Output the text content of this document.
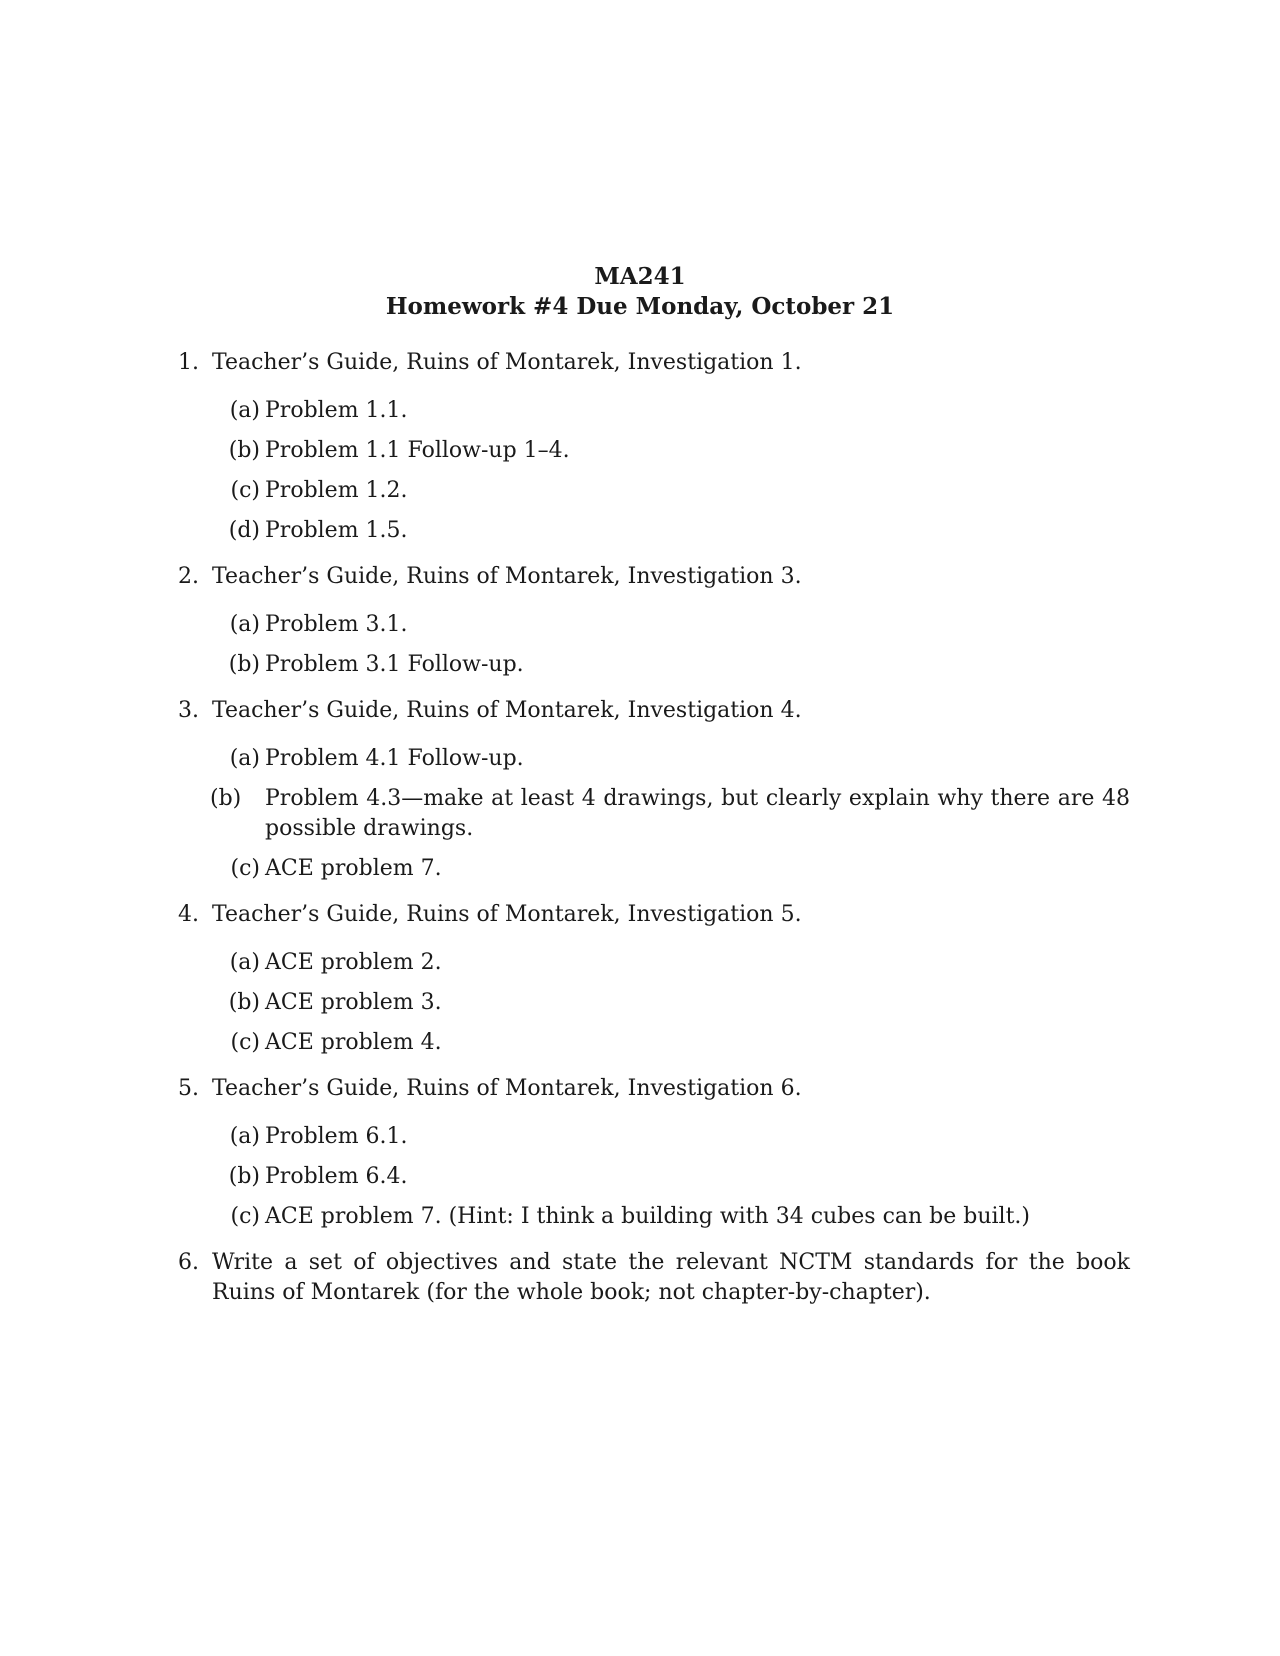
MA241
Homework #4 Due Monday, October 21
1. Teacher’s Guide, Ruins of Montarek, Investigation 1.
(a) Problem 1.1.
(b) Problem 1.1 Follow-up 1–4.
(c) Problem 1.2.
(d) Problem 1.5.
2. Teacher’s Guide, Ruins of Montarek, Investigation 3.
(a) Problem 3.1.
(b) Problem 3.1 Follow-up.
3. Teacher’s Guide, Ruins of Montarek, Investigation 4.
(a) Problem 4.1 Follow-up.
(b)	Problem 4.3—make at least 4 drawings, but clearly explain why there are 48 possible drawings.
(c) ACE problem 7.
4. Teacher’s Guide, Ruins of Montarek, Investigation 5.
(a) ACE problem 2.
(b) ACE problem 3.
(c) ACE problem 4.
5. Teacher’s Guide, Ruins of Montarek, Investigation 6.
(a) Problem 6.1.
(b) Problem 6.4.
(c) ACE problem 7. (Hint: I think a building with 34 cubes can be built.)
6. Write a set of objectives and state the relevant NCTM standards for the book Ruins of Montarek (for the whole book; not chapter-by-chapter).
